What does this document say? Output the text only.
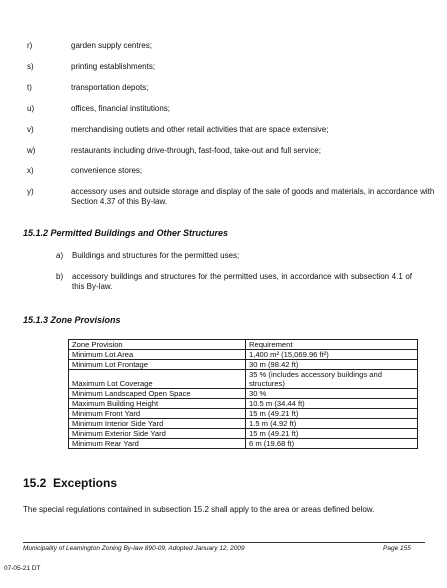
r)	garden supply centres;
s)	printing establishments;
t)	transportation depots;
u)	offices, financial institutions;
v)	merchandising outlets and other retail activities that are space extensive;
w)	restaurants including drive-through, fast-food, take-out and full service;
x)	convenience stores;
y)	accessory uses and outside storage and display of the sale of goods and materials, in accordance with Section 4.37 of this By-law.
15.1.2 Permitted Buildings and Other Structures
a) Buildings and structures for the permitted uses;
b) accessory buildings and structures for the permitted uses, in accordance with subsection 4.1 of this By-law.
15.1.3 Zone Provisions
Zone Provision	Requirement
Minimum Lot Area	1,400 m² (15,069.96 ft²)
Minimum Lot Frontage	30 m (98.42 ft)
Maximum Lot Coverage	35 % (includes accessory buildings and structures)
Minimum Landscaped Open Space	30 %
Maximum Building Height	10.5 m (34.44 ft)
Minimum Front Yard	15 m (49.21 ft)
Minimum Interior Side Yard	1.5 m (4.92 ft)
Minimum Exterior Side Yard	15 m (49.21 ft)
Minimum Rear Yard	6 m (19.68 ft)
15.2 Exceptions
The special regulations contained in subsection 15.2 shall apply to the area or areas defined below.
Municipality of Leamington Zoning By-law 890-09, Adopted January 12, 2009	Page 155
07-05-21 DT
